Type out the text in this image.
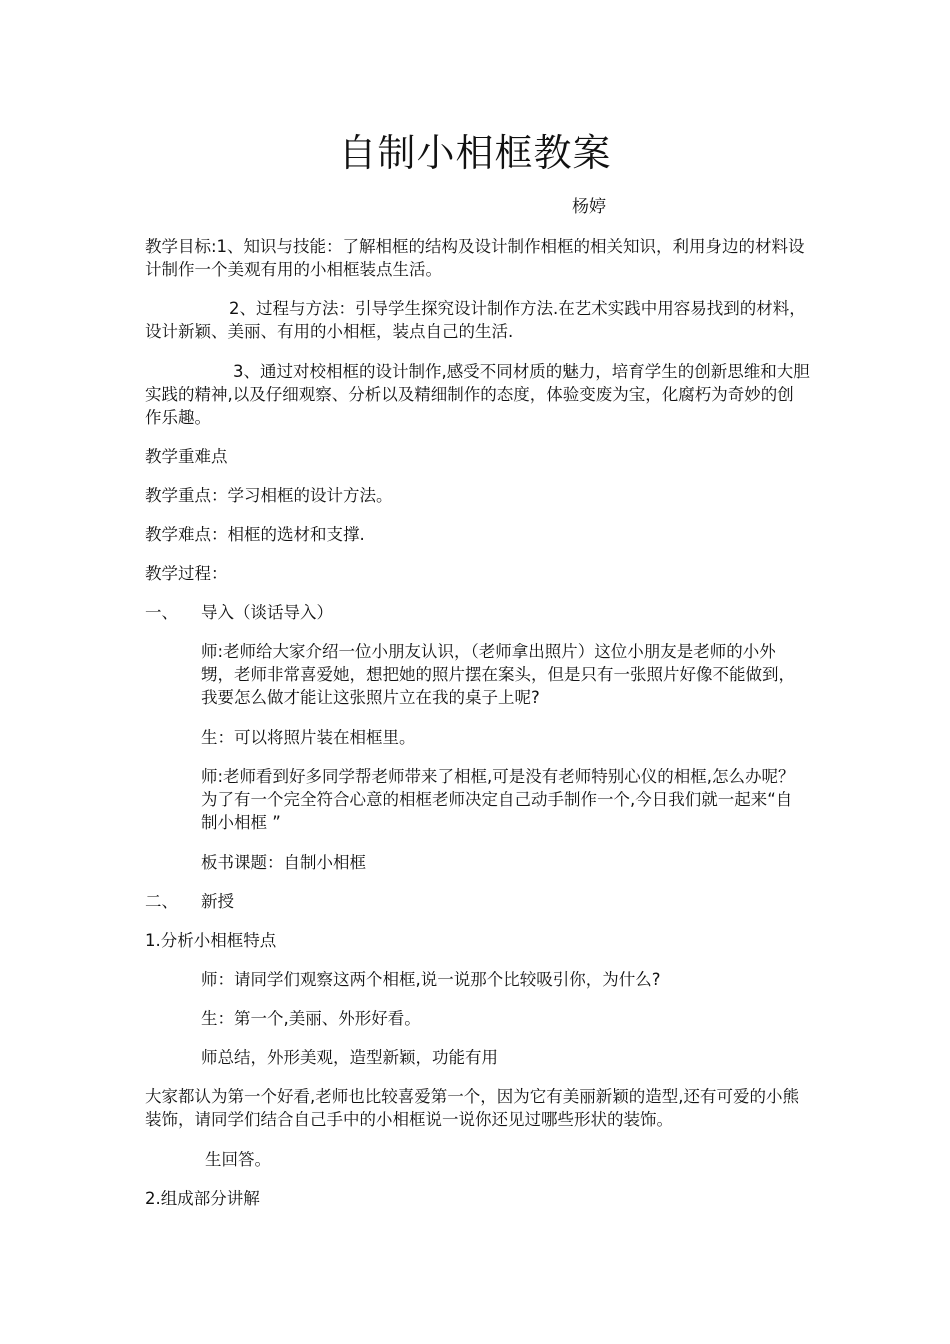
自制小相框教案
杨婷

教学目标:1、知识与技能：了解相框的结构及设计制作相框的相关知识，利用身边的材料设计制作一个美观有用的小相框装点生活。

2、过程与方法：引导学生探究设计制作方法.在艺术实践中用容易找到的材料，设计新颖、美丽、有用的小相框，装点自己的生活.

3、通过对校相框的设计制作,感受不同材质的魅力，培育学生的创新思维和大胆实践的精神,以及仔细观察、分析以及精细制作的态度，体验变废为宝，化腐朽为奇妙的创作乐趣。

教学重难点

教学重点：学习相框的设计方法。

教学难点：相框的选材和支撑.

教学过程：

一、 导入（谈话导入）

师:老师给大家介绍一位小朋友认识，（老师拿出照片）这位小朋友是老师的小外甥，老师非常喜爱她，想把她的照片摆在案头，但是只有一张照片好像不能做到，我要怎么做才能让这张照片立在我的桌子上呢?

生：可以将照片装在相框里。

师:老师看到好多同学帮老师带来了相框,可是没有老师特别心仪的相框,怎么办呢？为了有一个完全符合心意的相框老师决定自己动手制作一个,今日我们就一起来“自制小相框 ”

板书课题：自制小相框

二、 新授

1.分析小相框特点

师：请同学们观察这两个相框,说一说那个比较吸引你，为什么?

生：第一个,美丽、外形好看。

师总结，外形美观，造型新颖，功能有用

大家都认为第一个好看,老师也比较喜爱第一个，因为它有美丽新颖的造型,还有可爱的小熊装饰，请同学们结合自己手中的小相框说一说你还见过哪些形状的装饰。

生回答。

2.组成部分讲解
